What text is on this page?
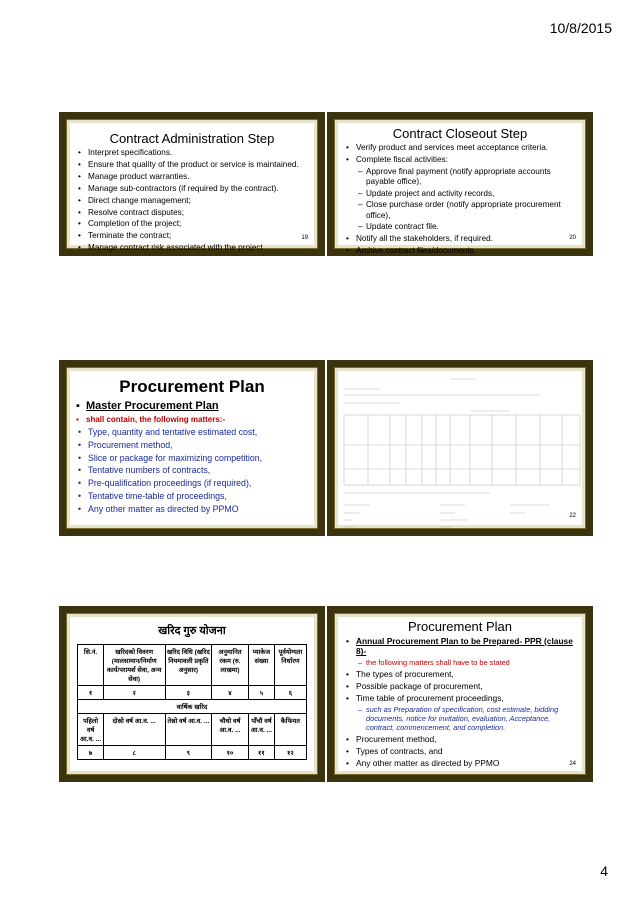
10/8/2015
Contract Administration Step
• Interpret specifications.
• Ensure that quality of the product or service is maintained.
• Manage product warranties.
• Manage sub-contractors (if required by the contract).
• Direct change management;
• Resolve contract disputes;
• Completion of the project;
• Terminate the contract;
• Manage contract risk associated with the project
19
Contract Closeout Step
• Verify product and services meet acceptance criteria.
• Complete fiscal activities:
– Approve final payment (notify appropriate accounts payable office),
– Update project and activity records,
– Close purchase order (notify appropriate procurement office),
– Update contract file.
• Notify all the stakeholders, if required.
• Archive contract files/documents.
20
Procurement Plan
▪ Master Procurement Plan
▪ shall contain, the following matters:-
• Type, quantity and tentative estimated cost,
• Procurement method,
• Slice or package for maximizing competition,
• Tentative numbers of contracts,
• Pre-qualification proceedings (if required),
• Tentative time-table of proceedings,
• Any other matter as directed by PPMO
22
खरिद गुरु योजना
सि.नं.	खरिदको विवरण (मालसामान/निर्माण कार्य/परामर्श सेवा, अन्य सेवा)	खरिद विधि (खरिद नियमावली प्रकृति अनुसार)	अनुमानित रकम (रु. लाखमा)	प्याकेज संख्या	पूर्वयोग्यता निर्धारण
१	२	३	४	५	६
वार्षिक खरिद					
पहिलो वर्ष आ.व. ...	दोस्रो वर्ष आ.व. ...	तेस्रो वर्ष आ.व. ...	चौथो वर्ष आ.व. ...	पाँचौ वर्ष आ.व. ...	कैफियत
७	८	९	१०	११	१२
Procurement Plan
• Annual Procurement Plan to be Prepared- PPR (clause 8)-
– the following matters shall have to be stated
• The types of procurement,
• Possible package of procurement,
• Time table of procurement proceedings,
– such as Preparation of specification, cost estimate, bidding documents, notice for invitation, evaluation, Acceptance, contract, commencement, and completion.
• Procurement method,
• Types of contracts, and
• Any other matter as directed by PPMO	24
4
